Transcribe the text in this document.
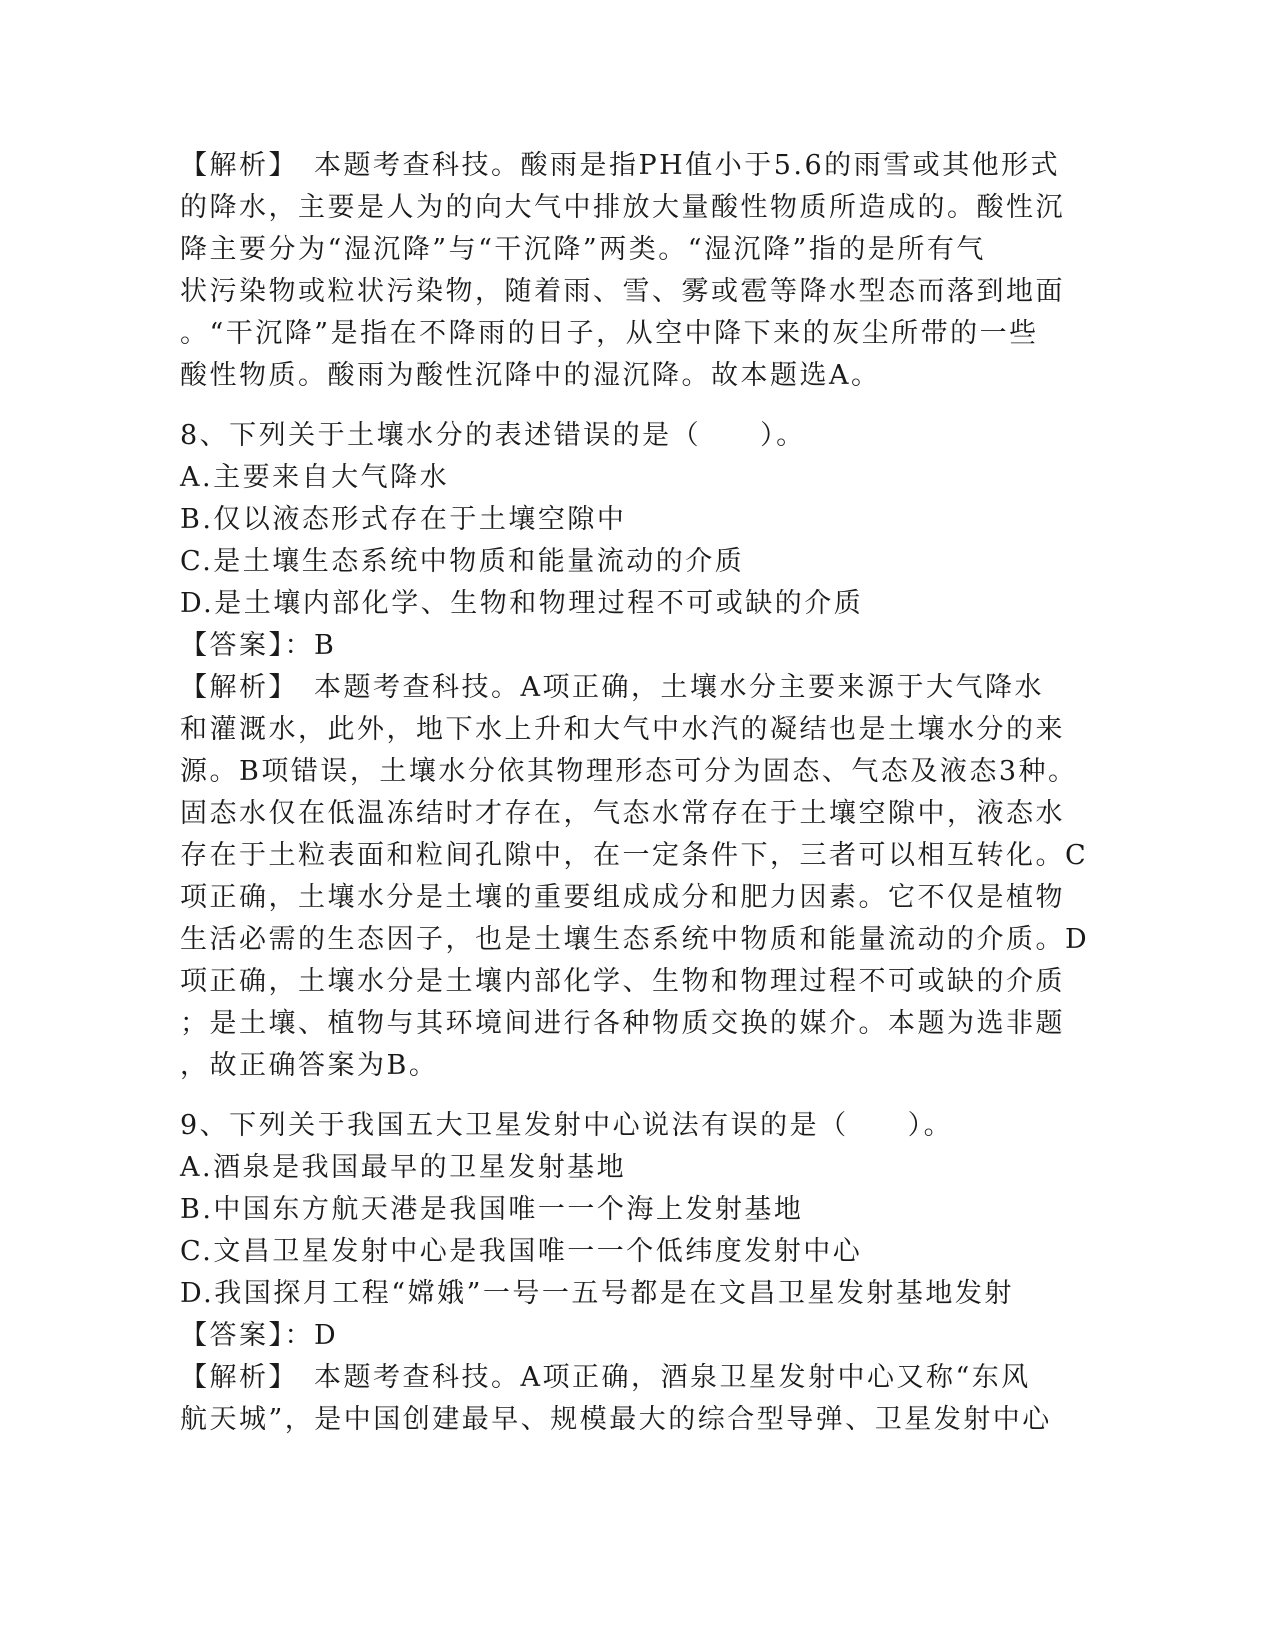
【解析】　本题考查科技。酸雨是指PH值小于5.6的雨雪或其他形式
的降水，主要是人为的向大气中排放大量酸性物质所造成的。酸性沉
降主要分为“湿沉降”与“干沉降”两类。“湿沉降”指的是所有气
状污染物或粒状污染物，随着雨、雪、雾或雹等降水型态而落到地面
。“干沉降”是指在不降雨的日子，从空中降下来的灰尘所带的一些
酸性物质。酸雨为酸性沉降中的湿沉降。故本题选A。
8、下列关于土壤水分的表述错误的是（　　）。
A.主要来自大气降水
B.仅以液态形式存在于土壤空隙中
C.是土壤生态系统中物质和能量流动的介质
D.是土壤内部化学、生物和物理过程不可或缺的介质
【答案】：B
【解析】　本题考查科技。A项正确，土壤水分主要来源于大气降水
和灌溉水，此外，地下水上升和大气中水汽的凝结也是土壤水分的来
源。B项错误，土壤水分依其物理形态可分为固态、气态及液态3种。
固态水仅在低温冻结时才存在，气态水常存在于土壤空隙中，液态水
存在于土粒表面和粒间孔隙中，在一定条件下，三者可以相互转化。C
项正确，土壤水分是土壤的重要组成成分和肥力因素。它不仅是植物
生活必需的生态因子，也是土壤生态系统中物质和能量流动的介质。D
项正确，土壤水分是土壤内部化学、生物和物理过程不可或缺的介质
；是土壤、植物与其环境间进行各种物质交换的媒介。本题为选非题
，故正确答案为B。
9、下列关于我国五大卫星发射中心说法有误的是（　　）。
A.酒泉是我国最早的卫星发射基地
B.中国东方航天港是我国唯一一个海上发射基地
C.文昌卫星发射中心是我国唯一一个低纬度发射中心
D.我国探月工程“嫦娥”一号一五号都是在文昌卫星发射基地发射
【答案】：D
【解析】　本题考查科技。A项正确，酒泉卫星发射中心又称“东风
航天城”，是中国创建最早、规模最大的综合型导弹、卫星发射中心
